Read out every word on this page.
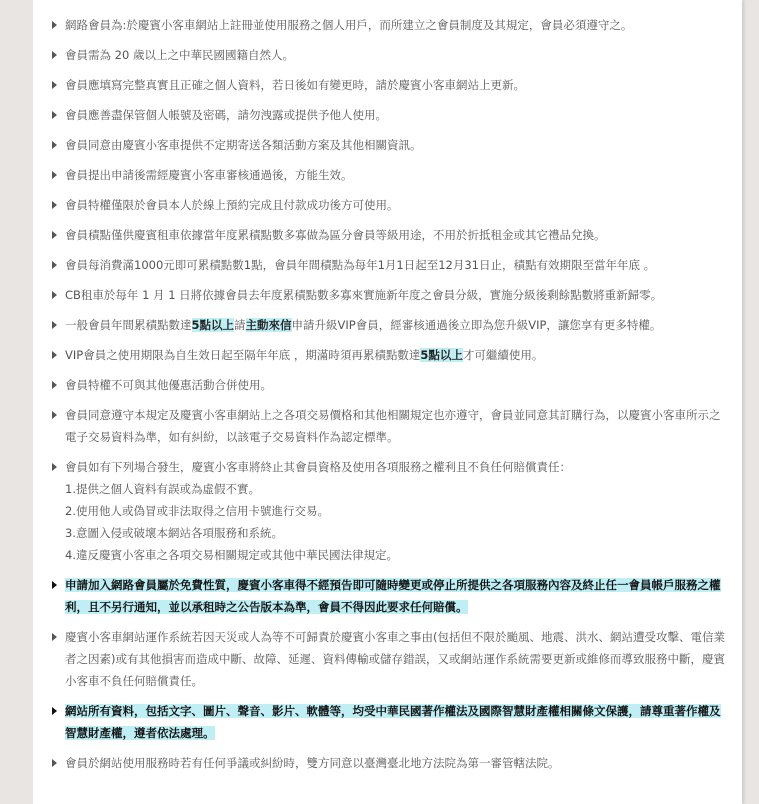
網路會員為:於慶賓小客車網站上註冊並使用服務之個人用戶，而所建立之會員制度及其規定，會員必須遵守之。
會員需為 20 歲以上之中華民國國籍自然人。
會員應填寫完整真實且正確之個人資料，若日後如有變更時，請於慶賓小客車網站上更新。
會員應善盡保管個人帳號及密碼，請勿洩露或提供予他人使用。
會員同意由慶賓小客車提供不定期寄送各類活動方案及其他相關資訊。
會員提出申請後需經慶賓小客車審核通過後，方能生效。
會員特權僅限於會員本人於線上預約完成且付款成功後方可使用。
會員積點僅供慶賓租車依據當年度累積點數多寡做為區分會員等級用途，不用於折抵租金或其它禮品兌換。
會員每消費滿1000元即可累積點數1點，會員年間積點為每年1月1日起至12月31日止，積點有效期限至當年年底 。
CB租車於每年 1 月 1 日將依據會員去年度累積點數多寡來實施新年度之會員分級，實施分級後剩餘點數將重新歸零。
一般會員年間累積點數達5點以上請主動來信申請升級VIP會員，經審核通過後立即為您升級VIP，讓您享有更多特權。
VIP會員之使用期限為自生效日起至隔年年底 ，期滿時須再累積點數達5點以上才可繼續使用。
會員特權不可與其他優惠活動合併使用。
會員同意遵守本規定及慶賓小客車網站上之各項交易價格和其他相關規定也亦遵守，會員並同意其訂購行為，以慶賓小客車所示之電子交易資料為準，如有糾紛，以該電子交易資料作為認定標準。
會員如有下列場合發生，慶賓小客車將終止其會員資格及使用各項服務之權利且不負任何賠償責任：
1.提供之個人資料有誤或為虛假不實。
2.使用他人或偽冒或非法取得之信用卡號進行交易。
3.意圖入侵或破壞本網站各項服務和系統。
4.違反慶賓小客車之各項交易相關規定或其他中華民國法律規定。
申請加入網路會員屬於免費性質，慶賓小客車得不經預告即可隨時變更或停止所提供之各項服務內容及終止任一會員帳戶服務之權利，且不另行通知，並以承租時之公告版本為準，會員不得因此要求任何賠償。
慶賓小客車網站運作系統若因天災或人為等不可歸責於慶賓小客車之事由(包括但不限於颱風、地震、洪水、網站遭受攻擊、電信業者之因素)或有其他損害而造成中斷、故障、延遲、資料傳輸或儲存錯誤，又或網站運作系統需要更新或維修而導致服務中斷，慶賓小客車不負任何賠償責任。
網站所有資料，包括文字、圖片、聲音、影片、軟體等，均受中華民國著作權法及國際智慧財產權相關條文保護，請尊重著作權及智慧財產權，遵者依法處理。
會員於網站使用服務時若有任何爭議或糾紛時，雙方同意以臺灣臺北地方法院為第一審管轄法院。
